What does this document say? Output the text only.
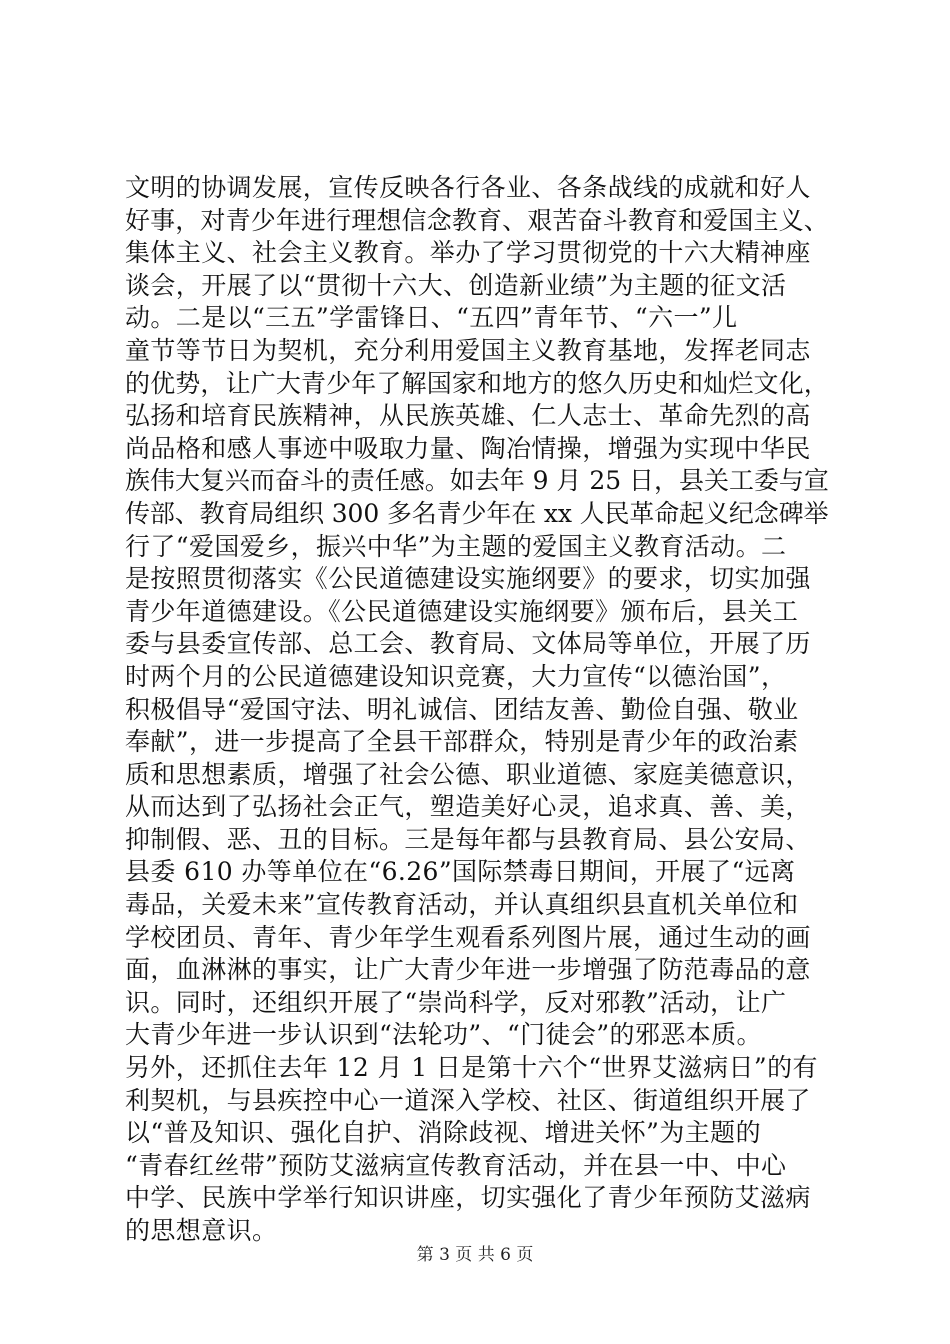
文明的协调发展，宣传反映各行各业、各条战线的成就和好人
好事，对青少年进行理想信念教育、艰苦奋斗教育和爱国主义、
集体主义、社会主义教育。举办了学习贯彻党的十六大精神座
谈会，开展了以“贯彻十六大、创造新业绩”为主题的征文活
动。二是以“三五”学雷锋日、“五四”青年节、“六一”儿
童节等节日为契机，充分利用爱国主义教育基地，发挥老同志
的优势，让广大青少年了解国家和地方的悠久历史和灿烂文化，
弘扬和培育民族精神，从民族英雄、仁人志士、革命先烈的高
尚品格和感人事迹中吸取力量、陶冶情操，增强为实现中华民
族伟大复兴而奋斗的责任感。如去年 9 月 25 日，县关工委与宣
传部、教育局组织 300 多名青少年在 xx 人民革命起义纪念碑举
行了“爱国爱乡，振兴中华”为主题的爱国主义教育活动。二
是按照贯彻落实《公民道德建设实施纲要》的要求，切实加强
青少年道德建设。《公民道德建设实施纲要》颁布后，县关工
委与县委宣传部、总工会、教育局、文体局等单位，开展了历
时两个月的公民道德建设知识竞赛，大力宣传“以德治国”，
积极倡导“爱国守法、明礼诚信、团结友善、勤俭自强、敬业
奉献”，进一步提高了全县干部群众，特别是青少年的政治素
质和思想素质，增强了社会公德、职业道德、家庭美德意识，
从而达到了弘扬社会正气，塑造美好心灵，追求真、善、美，
抑制假、恶、丑的目标。三是每年都与县教育局、县公安局、
县委 610 办等单位在“6.26”国际禁毒日期间，开展了“远离
毒品，关爱未来”宣传教育活动，并认真组织县直机关单位和
学校团员、青年、青少年学生观看系列图片展，通过生动的画
面，血淋淋的事实，让广大青少年进一步增强了防范毒品的意
识。同时，还组织开展了“崇尚科学，反对邪教”活动，让广
大青少年进一步认识到“法轮功”、“门徒会”的邪恶本质。
另外，还抓住去年 12 月 1 日是第十六个“世界艾滋病日”的有
利契机，与县疾控中心一道深入学校、社区、街道组织开展了
以“普及知识、强化自护、消除歧视、增进关怀”为主题的
“青春红丝带”预防艾滋病宣传教育活动，并在县一中、中心
中学、民族中学举行知识讲座，切实强化了青少年预防艾滋病
的思想意识。
第 3 页 共 6 页
